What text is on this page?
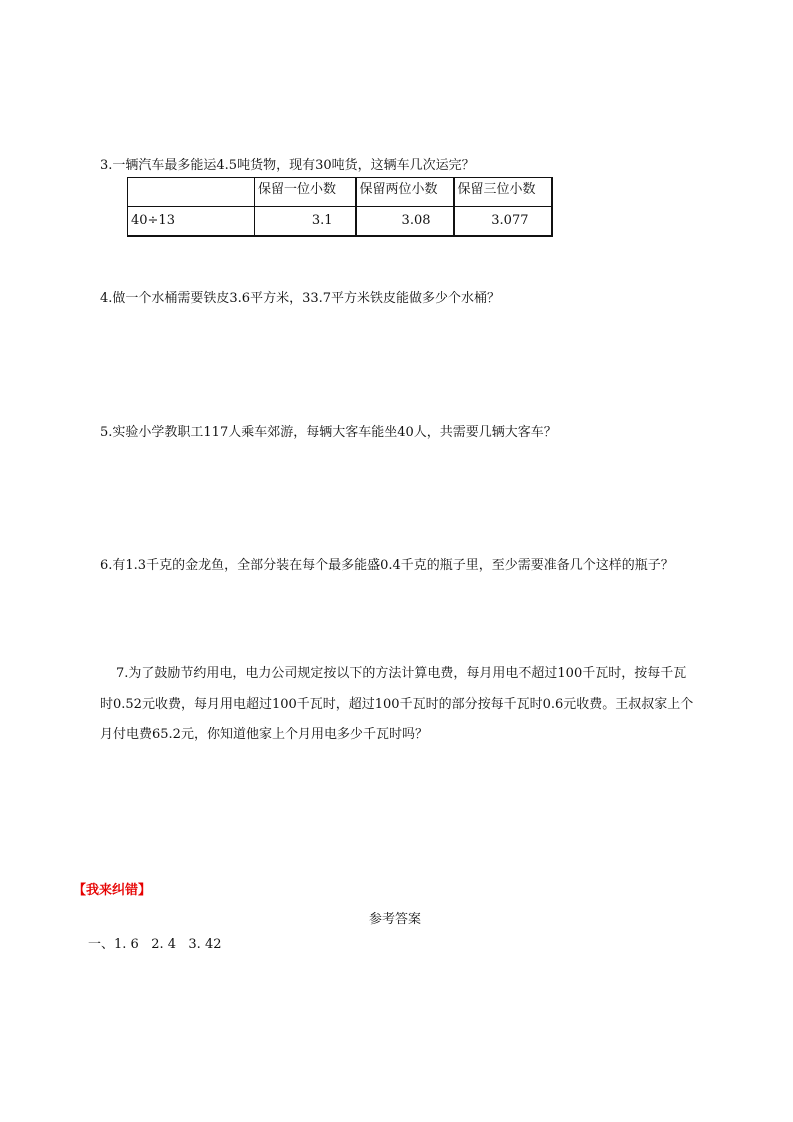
3.一辆汽车最多能运4.5吨货物，现有30吨货，这辆车几次运完？
	保留一位小数	保留两位小数	保留三位小数
40÷13	3.1	3.08	3.077
4.做一个水桶需要铁皮3.6平方米，33.7平方米铁皮能做多少个水桶？
5.实验小学教职工117人乘车郊游，每辆大客车能坐40人，共需要几辆大客车？
6.有1.3千克的金龙鱼，全部分装在每个最多能盛0.4千克的瓶子里，至少需要准备几个这样的瓶子？
7.为了鼓励节约用电，电力公司规定按以下的方法计算电费，每月用电不超过100千瓦时，按每千瓦
时0.52元收费，每月用电超过100千瓦时，超过100千瓦时的部分按每千瓦时0.6元收费。王叔叔家上个
月付电费65.2元，你知道他家上个月用电多少千瓦时吗？
【我来纠错】
参考答案
一、1. 6   2. 4   3. 42
